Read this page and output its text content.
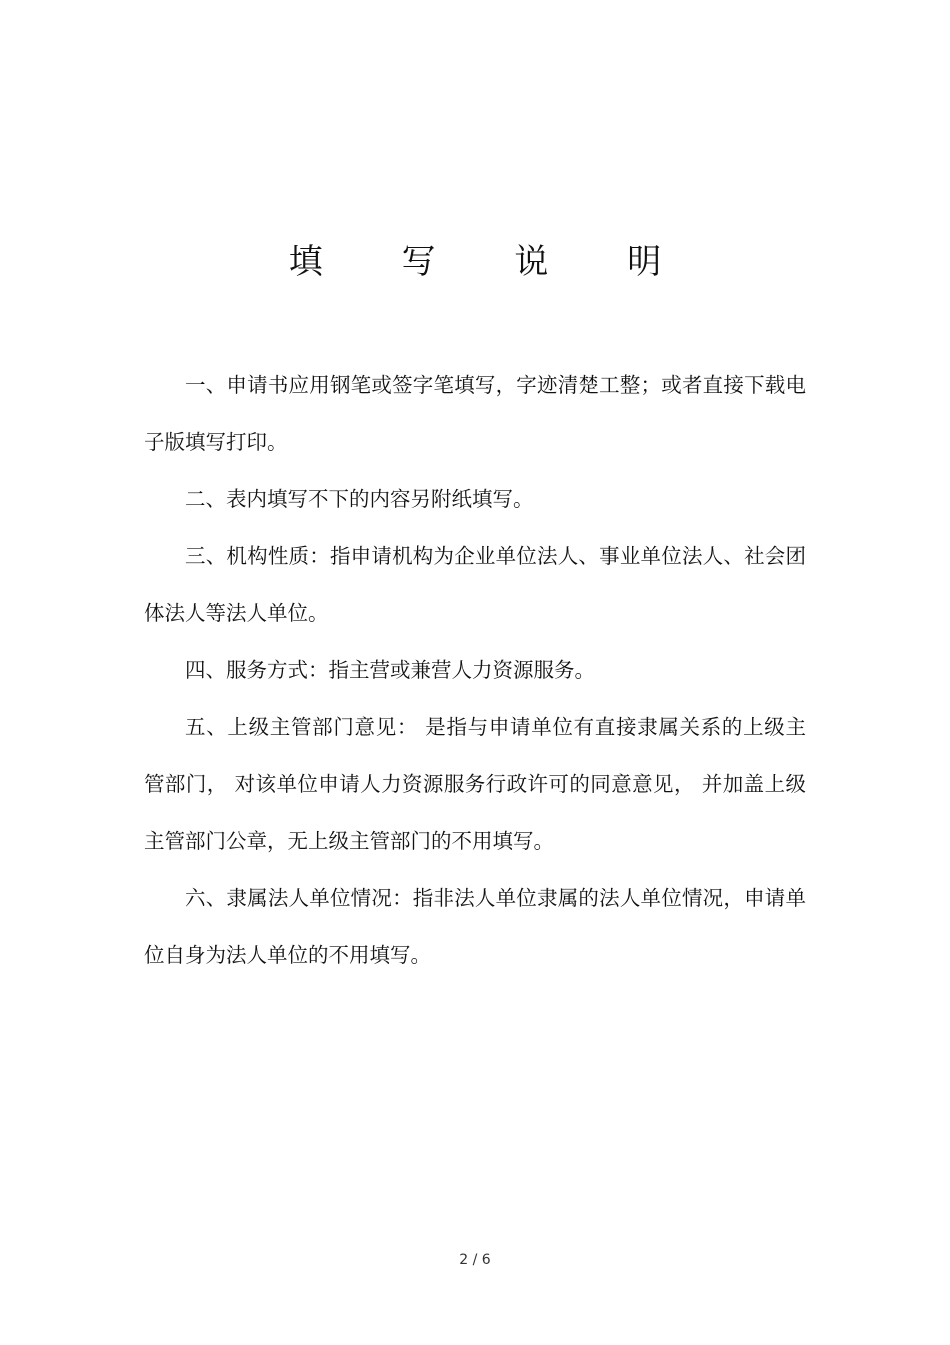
填 写 说 明

一、申请书应用钢笔或签字笔填写，字迹清楚工整；或者直接下载电子版填写打印。

二、表内填写不下的内容另附纸填写。

三、机构性质：指申请机构为企业单位法人、事业单位法人、社会团体法人等法人单位。

四、服务方式：指主营或兼营人力资源服务。

五、上级主管部门意见： 是指与申请单位有直接隶属关系的上级主管部门， 对该单位申请人力资源服务行政许可的同意意见， 并加盖上级主管部门公章，无上级主管部门的不用填写。

六、隶属法人单位情况：指非法人单位隶属的法人单位情况，申请单位自身为法人单位的不用填写。

2 / 6
